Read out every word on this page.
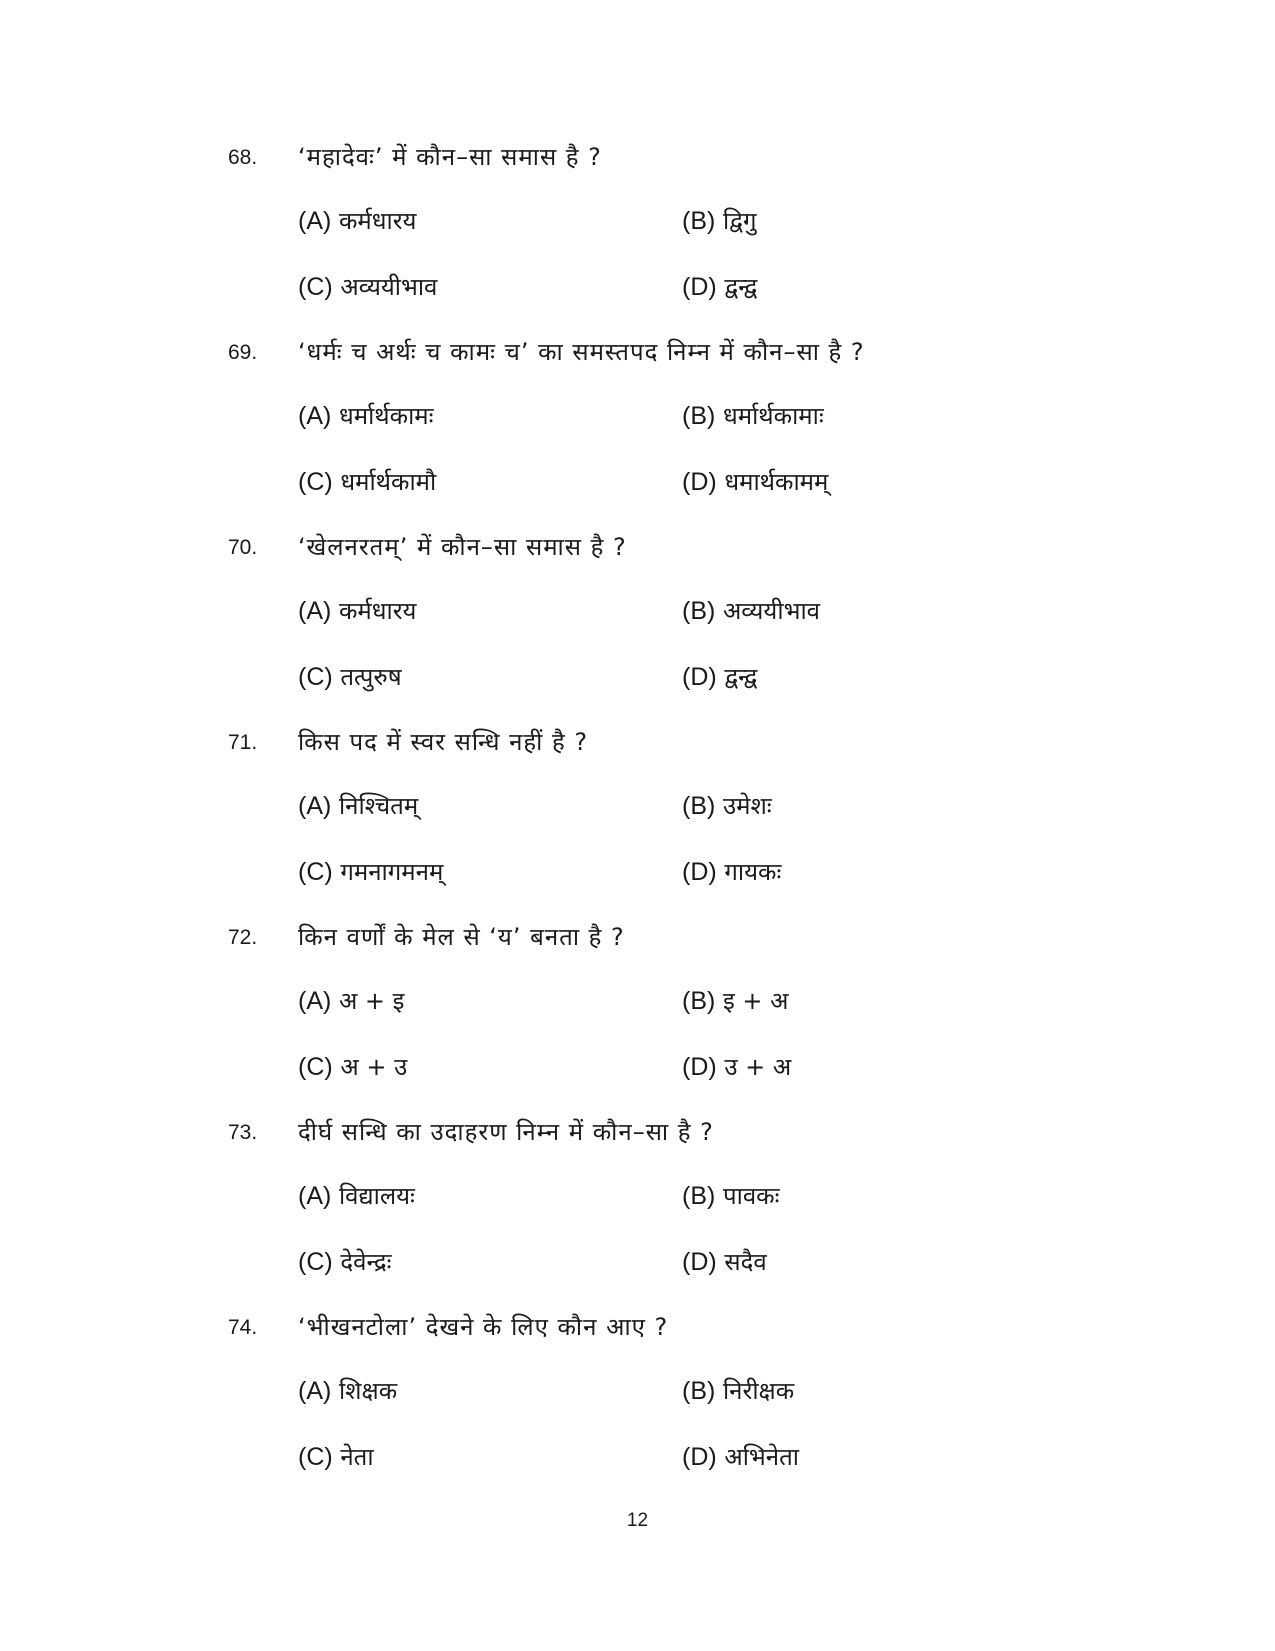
68. ‘महादेवः’ में कौन–सा समास है ?
(A) कर्मधारय	(B) द्विगु
(C) अव्ययीभाव	(D) द्वन्द्व
69. ‘धर्मः च अर्थः च कामः च’ का समस्तपद निम्न में कौन–सा है ?
(A) धर्मार्थकामः	(B) धर्मार्थकामाः
(C) धर्मार्थकामौ	(D) धमार्थकामम्
70. ‘खेलनरतम्’ में कौन–सा समास है ?
(A) कर्मधारय	(B) अव्ययीभाव
(C) तत्पुरुष	(D) द्वन्द्व
71. किस पद में स्वर सन्धि नहीं है ?
(A) निश्चितम्	(B) उमेशः
(C) गमनागमनम्	(D) गायकः
72. किन वर्णों के मेल से ‘य’ बनता है ?
(A) अ + इ	(B) इ + अ
(C) अ + उ	(D) उ + अ
73. दीर्घ सन्धि का उदाहरण निम्न में कौन–सा है ?
(A) विद्यालयः	(B) पावकः
(C) देवेन्द्रः	(D) सदैव
74. ‘भीखनटोला’ देखने के लिए कौन आए ?
(A) शिक्षक	(B) निरीक्षक
(C) नेता	(D) अभिनेता
12
